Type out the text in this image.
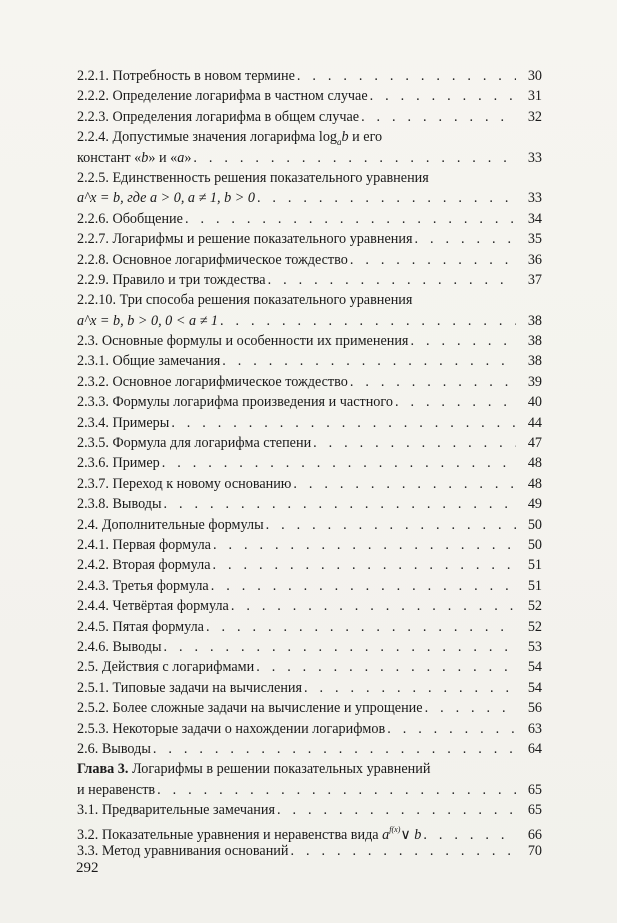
2.2.1. Потребность в новом термине . . .	30
2.2.2. Определение логарифма в частном случае . . .	31
2.2.3. Определения логарифма в общем случае . . .	32
2.2.4. Допустимые значения логарифма $\log_ab$ и его
констант «b» и «a» . . .	33
2.2.5. Единственность решения показательного уравнения
a^x = b, где a > 0, a ≠ 1, b > 0 . . .	33
2.2.6. Обобщение . . .	34
2.2.7. Логарифмы и решение показательного уравнения . . .	35
2.2.8. Основное логарифмическое тождество . . .	36
2.2.9. Правило и три тождества . . .	37
2.2.10. Три способа решения показательного уравнения
a^x = b, b > 0, 0 < a ≠ 1 . . .	38
2.3. Основные формулы и особенности их применения . . .	38
2.3.1. Общие замечания . . .	38
2.3.2. Основное логарифмическое тождество . . .	39
2.3.3. Формулы логарифма произведения и частного . . .	40
2.3.4. Примеры . . .	44
2.3.5. Формула для логарифма степени . . .	47
2.3.6. Пример . . .	48
2.3.7. Переход к новому основанию . . .	48
2.3.8. Выводы . . .	49
2.4. Дополнительные формулы . . .	50
2.4.1. Первая формула . . .	50
2.4.2. Вторая формула . . .	51
2.4.3. Третья формула . . .	51
2.4.4. Четвёртая формула . . .	52
2.4.5. Пятая формула . . .	52
2.4.6. Выводы . . .	53
2.5. Действия с логарифмами . . .	54
2.5.1. Типовые задачи на вычисления . . .	54
2.5.2. Более сложные задачи на вычисление и упрощение . . .	56
2.5.3. Некоторые задачи о нахождении логарифмов . . .	63
2.6. Выводы . . .	64
Глава 3. Логарифмы в решении показательных уравнений
и неравенств . . .	65
3.1. Предварительные замечания . . .	65
3.2. Показательные уравнения и неравенства вида $a^{f(x)}\vee$ b . . .	66
3.3. Метод уравнивания оснований . . .	70
292
